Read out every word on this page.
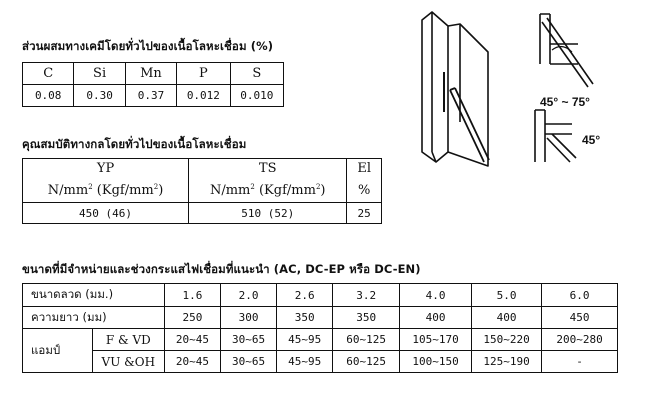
ส่วนผสมทางเคมีโดยทั่วไปของเนื้อโลหะเชื่อม (%)
C	Si	Mn	P	S
0.08	0.30	0.37	0.012	0.010
คุณสมบัติทางกลโดยทั่วไปของเนื้อโลหะเชื่อม
YP	TS	El
$N/mm^2$ $(Kgf/mm^2)$	$N/mm^2$ $(Kgf/mm^2)$	%
450 (46)	510 (52)	25
ขนาดที่มีจำหน่ายและช่วงกระแสไฟเชื่อมที่แนะนำ (AC, DC-EP หรือ DC-EN)
ขนาดลวด (มม.)		1.6	2.0	2.6	3.2	4.0	5.0	6.0
ความยาว (มม)		250	300	350	350	400	400	450
แอมป์	F & VD	20~45	30~65	45~95	60~125	105~170	150~220	200~280
	VU &OH	20~45	30~65	45~95	60~125	100~150	125~190	-
45° ~ 75°
45°
